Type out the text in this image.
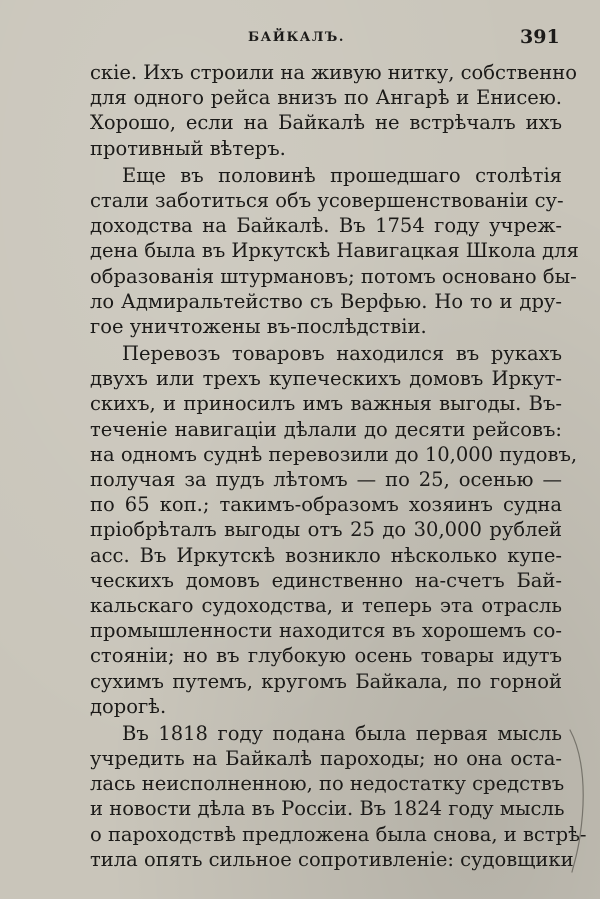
БАЙКАЛЪ.	391
скіе. Ихъ строили на живую нитку, собственно
для одного рейса внизъ по Ангарѣ и Енисею.
Хорошо, если на Байкалѣ не встрѣчалъ ихъ
противный вѣтеръ.
Еще въ половинѣ прошедшаго столѣтія
стали заботиться объ усовершенствованіи су-
доходства на Байкалѣ. Въ 1754 году учреж-
дена была въ Иркутскѣ Навигацкая Школа для
образованія штурмановъ; потомъ основано бы-
ло Адмиральтейство съ Верфью. Но то и дру-
гое уничтожены въ-послѣдствіи.
Перевозъ товаровъ находился въ рукахъ
двухъ или трехъ купеческихъ домовъ Иркут-
скихъ, и приносилъ имъ важныя выгоды. Въ-
теченіе навигаціи дѣлали до десяти рейсовъ:
на одномъ суднѣ перевозили до 10,000 пудовъ,
получая за пудъ лѣтомъ — по 25, осенью —
по 65 коп.; такимъ-образомъ хозяинъ судна
пріобрѣталъ выгоды отъ 25 до 30,000 рублей
асс. Въ Иркутскѣ возникло нѣсколько купе-
ческихъ домовъ единственно на-счетъ Бай-
кальскаго судоходства, и теперь эта отрасль
промышленности находится въ хорошемъ со-
стояніи; но въ глубокую осень товары идутъ
сухимъ путемъ, кругомъ Байкала, по горной
дорогѣ.
Въ 1818 году подана была первая мысль
учредить на Байкалѣ пароходы; но она оста-
лась неисполненною, по недостатку средствъ
и новости дѣла въ Россіи. Въ 1824 году мысль
о пароходствѣ предложена была снова, и встрѣ-
тила опять сильное сопротивленіе: судовщики
